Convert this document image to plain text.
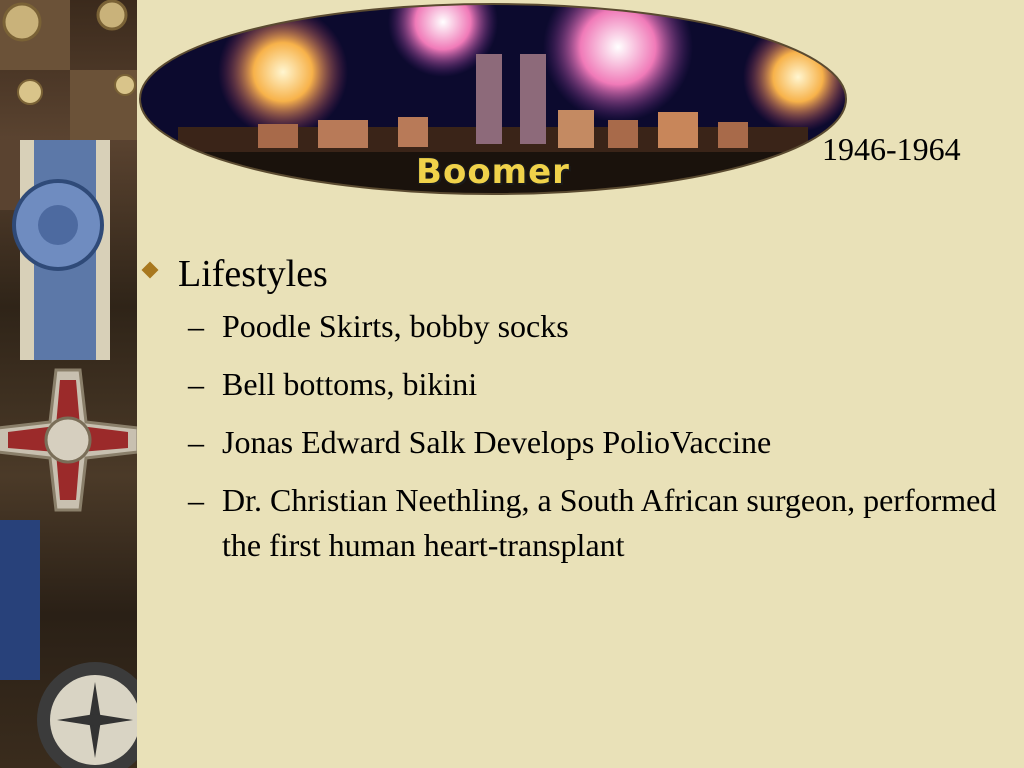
Boomer
1946-1964
Lifestyles
– Poodle Skirts, bobby socks
– Bell bottoms, bikini
– Jonas Edward Salk Develops PolioVaccine
– Dr. Christian Neethling, a South African surgeon, performed the first human heart-transplant
